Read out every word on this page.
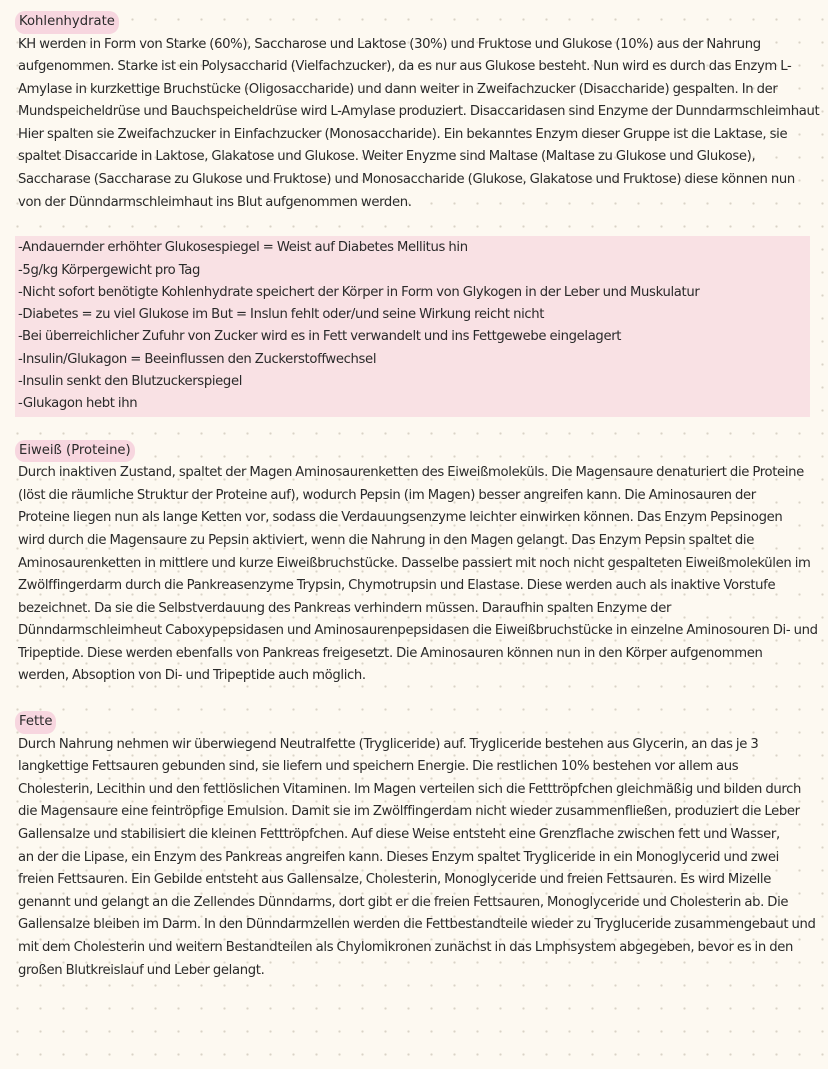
Kohlenhydrate

KH werden in Form von Starke (60%), Saccharose und Laktose (30%) und Fruktose und Glukose (10%) aus der Nahrung
aufgenommen. Starke ist ein Polysaccharid (Vielfachzucker), da es nur aus Glukose besteht. Nun wird es durch das Enzym L-
Amylase in kurzkettige Bruchstücke (Oligosaccharide) und dann weiter in Zweifachzucker (Disaccharide) gespalten. In der
Mundspeicheldrüse und Bauchspeicheldrüse wird L-Amylase produziert. Disaccaridasen sind Enzyme der Dunndarmschleimhaut
Hier spalten sie Zweifachzucker in Einfachzucker (Monosaccharide). Ein bekanntes Enzym dieser Gruppe ist die Laktase, sie
spaltet Disaccaride in Laktose, Glakatose und Glukose. Weiter Enyzme sind Maltase (Maltase zu Glukose und Glukose),
Saccharase (Saccharase zu Glukose und Fruktose) und Monosaccharide (Glukose, Glakatose und Fruktose) diese können nun
von der Dünndarmschleimhaut ins Blut aufgenommen werden.

-Andauernder erhöhter Glukosespiegel = Weist auf Diabetes Mellitus hin
-5g/kg Körpergewicht pro Tag
-Nicht sofort benötigte Kohlenhydrate speichert der Körper in Form von Glykogen in der Leber und Muskulatur
-Diabetes = zu viel Glukose im But = Inslun fehlt oder/und seine Wirkung reicht nicht
-Bei überreichlicher Zufuhr von Zucker wird es in Fett verwandelt und ins Fettgewebe eingelagert
-Insulin/Glukagon = Beeinflussen den Zuckerstoffwechsel
-Insulin senkt den Blutzuckerspiegel
-Glukagon hebt ihn
Eiweiß (Proteine)

Durch inaktiven Zustand, spaltet der Magen Aminosaurenketten des Eiweißmoleküls. Die Magensaure denaturiert die Proteine
(löst die räumliche Struktur der Proteine auf), wodurch Pepsin (im Magen) besser angreifen kann. Die Aminosauren der
Proteine liegen nun als lange Ketten vor, sodass die Verdauungsenzyme leichter einwirken können. Das Enzym Pepsinogen
wird durch die Magensaure zu Pepsin aktiviert, wenn die Nahrung in den Magen gelangt. Das Enzym Pepsin spaltet die
Aminosaurenketten in mittlere und kurze Eiweißbruchstücke. Dasselbe passiert mit noch nicht gespalteten Eiweißmolekülen im
Zwölffingerdarm durch die Pankreasenzyme Trypsin, Chymotrupsin und Elastase. Diese werden auch als inaktive Vorstufe
bezeichnet. Da sie die Selbstverdauung des Pankreas verhindern müssen. Daraufhin spalten Enzyme der
Dünndarmschleimheut Caboxypepsidasen und Aminosaurenpepsidasen die Eiweißbruchstücke in einzelne Aminosouren Di- und
Tripeptide. Diese werden ebenfalls von Pankreas freigesetzt. Die Aminosauren können nun in den Körper aufgenommen
werden, Absoption von Di- und Tripeptide auch möglich.

Fette

Durch Nahrung nehmen wir überwiegend Neutralfette (Trygliceride) auf. Trygliceride bestehen aus Glycerin, an das je 3
langkettige Fettsauren gebunden sind, sie liefern und speichern Energie. Die restlichen 10% bestehen vor allem aus
Cholesterin, Lecithin und den fettlöslichen Vitaminen. Im Magen verteilen sich die Fetttröpfchen gleichmäßig und bilden durch
die Magensaure eine feintröpfige Emulsion. Damit sie im Zwölffingerdam nicht wieder zusammenfließen, produziert die Leber
Gallensalze und stabilisiert die kleinen Fetttröpfchen. Auf diese Weise entsteht eine Grenzflache zwischen fett und Wasser,
an der die Lipase, ein Enzym des Pankreas angreifen kann. Dieses Enzym spaltet Trygliceride in ein Monoglycerid und zwei
freien Fettsauren. Ein Gebilde entsteht aus Gallensalze, Cholesterin, Monoglyceride und freien Fettsauren. Es wird Mizelle
genannt und gelangt an die Zellendes Dünndarms, dort gibt er die freien Fettsauren, Monoglyceride und Cholesterin ab. Die
Gallensalze bleiben im Darm. In den Dünndarmzellen werden die Fettbestandteile wieder zu Trygluceride zusammengebaut und
mit dem Cholesterin und weitern Bestandteilen als Chylomikronen zunächst in das Lmphsystem abgegeben, bevor es in den
großen Blutkreislauf und Leber gelangt.
